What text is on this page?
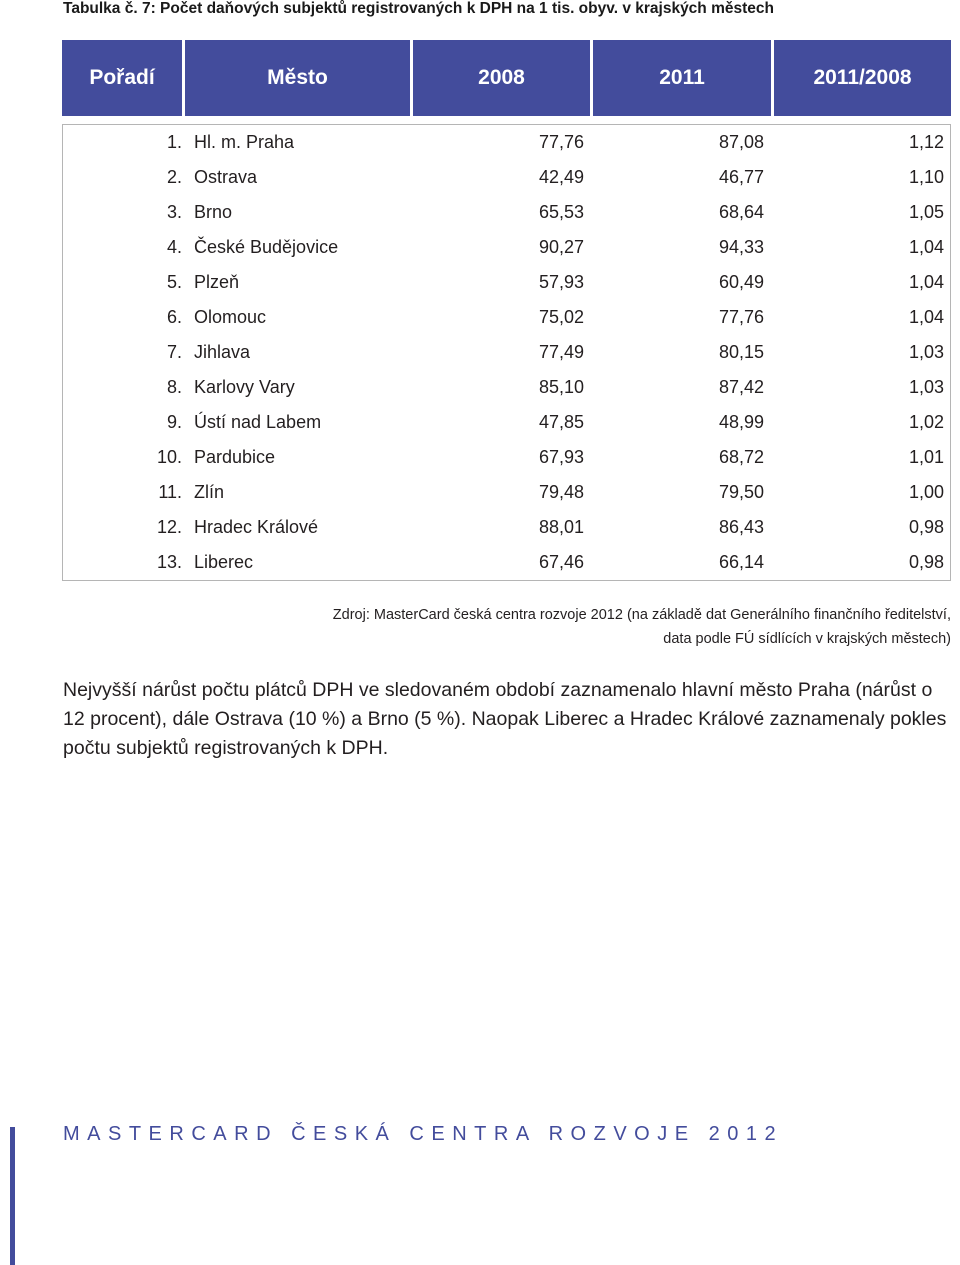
Tabulka č. 7: Počet daňových subjektů registrovaných k DPH na 1 tis. obyv. v krajských městech
Pořadí	Město	2008	2011	2011/2008

1.	Hl. m. Praha	77,76	87,08	1,12

2.	Ostrava	42,49	46,77	1,10

3.	Brno	65,53	68,64	1,05

4.	České Budějovice	90,27	94,33	1,04

5.	Plzeň	57,93	60,49	1,04

6.	Olomouc	75,02	77,76	1,04

7.	Jihlava	77,49	80,15	1,03

8.	Karlovy Vary	85,10	87,42	1,03

9.	Ústí nad Labem	47,85	48,99	1,02

10.	Pardubice	67,93	68,72	1,01

11.	Zlín	79,48	79,50	1,00

12.	Hradec Králové	88,01	86,43	0,98

13.	Liberec	67,46	66,14	0,98
Zdroj: MasterCard česká centra rozvoje 2012 (na základě dat Generálního finančního ředitelství,
data podle FÚ sídlících v krajských městech)
Nejvyšší nárůst počtu plátců DPH ve sledovaném období zaznamenalo hlavní město Praha (nárůst o 12 procent), dále Ostrava (10 %) a Brno (5 %). Naopak Liberec a Hradec Králové zaznamenaly pokles počtu subjektů registrovaných k DPH.
MASTERCARD ČESKÁ CENTRA ROZVOJE 2012
